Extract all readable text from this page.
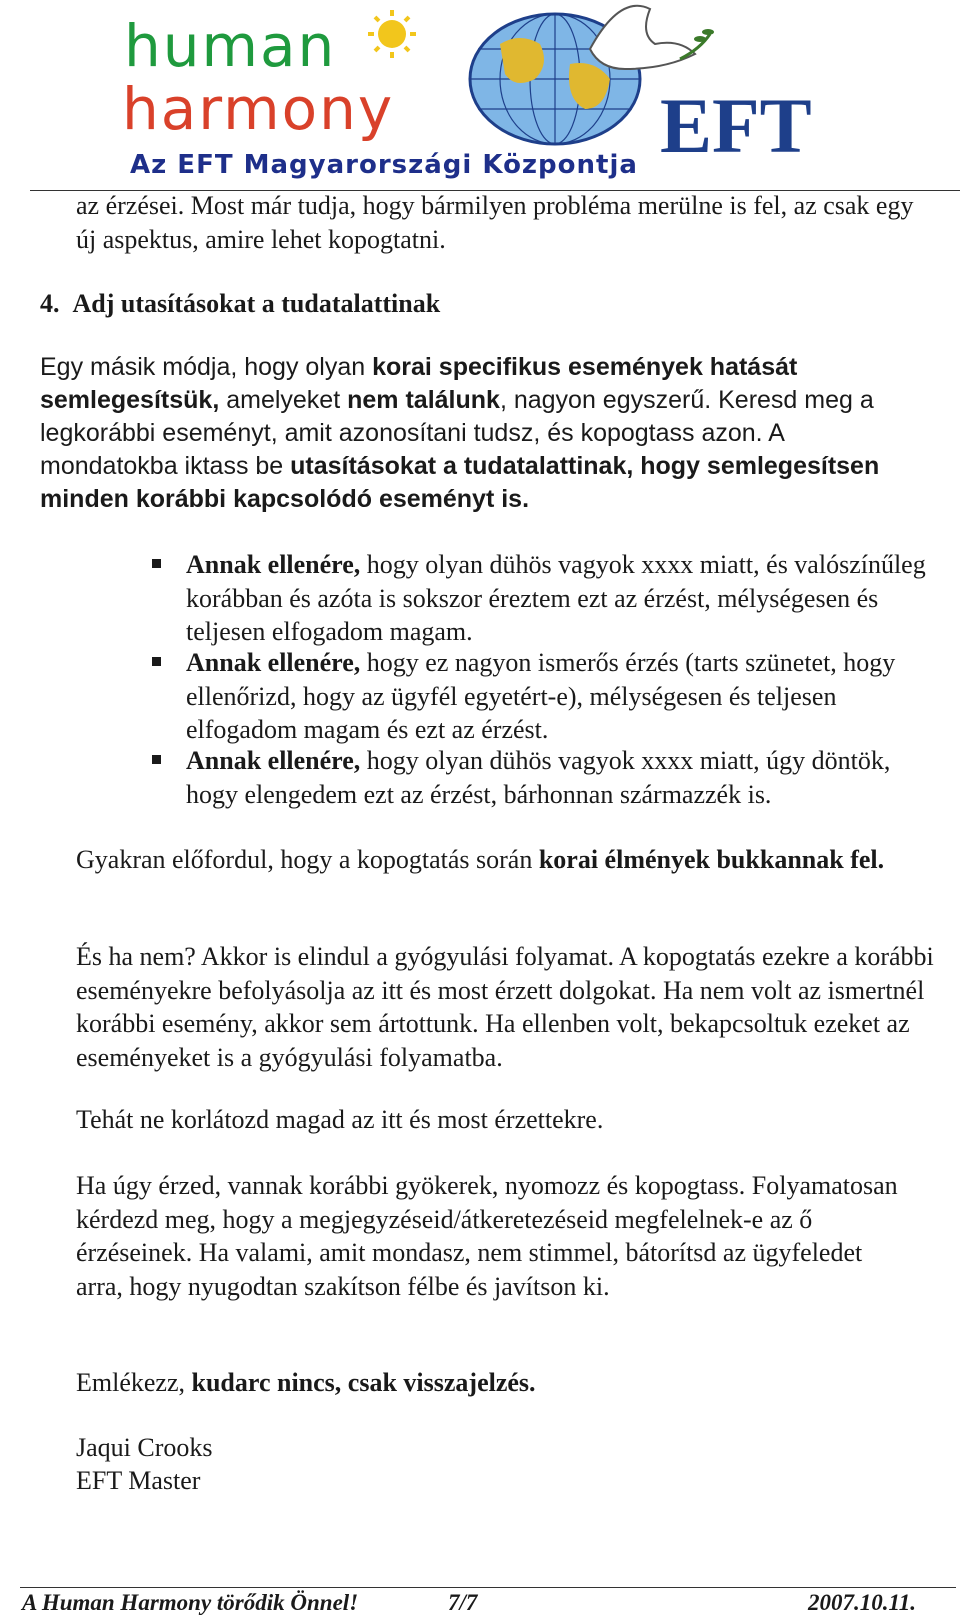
human
harmony	EFT
Az EFT Magyarországi Központja

az érzései. Most már tudja, hogy bármilyen probléma merülne is fel, az csak egy új aspektus, amire lehet kopogtatni.

4. Adj utasításokat a tudatalattinak

Egy másik módja, hogy olyan korai specifikus események hatását semlegesítsük, amelyeket nem találunk, nagyon egyszerű. Keresd meg a legkorábbi eseményt, amit azonosítani tudsz, és kopogtass azon. A mondatokba iktass be utasításokat a tudatalattinak, hogy semlegesítsen minden korábbi kapcsolódó eseményt is.

Annak ellenére, hogy olyan dühös vagyok xxxx miatt, és valószínűleg korábban és azóta is sokszor éreztem ezt az érzést, mélységesen és teljesen elfogadom magam.

Annak ellenére, hogy ez nagyon ismerős érzés (tarts szünetet, hogy ellenőrizd, hogy az ügyfél egyetért-e), mélységesen és teljesen elfogadom magam és ezt az érzést.

Annak ellenére, hogy olyan dühös vagyok xxxx miatt, úgy döntök, hogy elengedem ezt az érzést, bárhonnan származzék is.

Gyakran előfordul, hogy a kopogtatás során korai élmények bukkannak fel.

És ha nem? Akkor is elindul a gyógyulási folyamat. A kopogtatás ezekre a korábbi eseményekre befolyásolja az itt és most érzett dolgokat. Ha nem volt az ismertnél korábbi esemény, akkor sem ártottunk. Ha ellenben volt, bekapcsoltuk ezeket az eseményeket is a gyógyulási folyamatba.

Tehát ne korlátozd magad az itt és most érzettekre.

Ha úgy érzed, vannak korábbi gyökerek, nyomozz és kopogtass. Folyamatosan kérdezd meg, hogy a megjegyzéseid/átkeretezéseid megfelelnek-e az ő érzéseinek. Ha valami, amit mondasz, nem stimmel, bátorítsd az ügyfeledet arra, hogy nyugodtan szakítson félbe és javítson ki.

Emlékezz, kudarc nincs, csak visszajelzés.

Jaqui Crooks

EFT Master

A Human Harmony törődik Önnel!	7/7	2007.10.11.
